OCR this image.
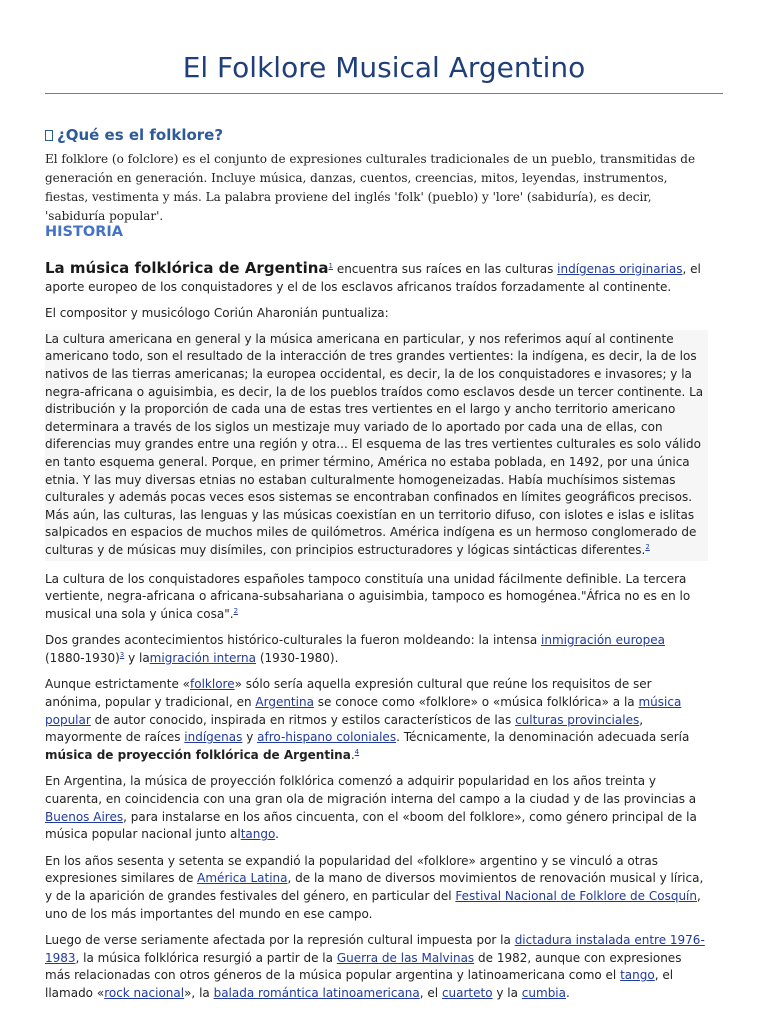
El Folklore Musical Argentino
¿Qué es el folklore?

El folklore (o folclore) es el conjunto de expresiones culturales tradicionales de un pueblo, transmitidas de generación en generación. Incluye música, danzas, cuentos, creencias, mitos, leyendas, instrumentos, fiestas, vestimenta y más. La palabra proviene del inglés 'folk' (pueblo) y 'lore' (sabiduría), es decir, 'sabiduría popular'.

HISTORIA

La música folklórica de Argentina$^1$ encuentra sus raíces en las culturas indígenas originarias, el aporte europeo de los conquistadores y el de los esclavos africanos traídos forzadamente al continente.

El compositor y musicólogo Coriún Aharonián puntualiza:

La cultura americana en general y la música americana en particular, y nos referimos aquí al continente americano todo, son el resultado de la interacción de tres grandes vertientes: la indígena, es decir, la de los nativos de las tierras americanas; la europea occidental, es decir, la de los conquistadores e invasores; y la negra-africana o aguisimbia, es decir, la de los pueblos traídos como esclavos desde un tercer continente. La distribución y la proporción de cada una de estas tres vertientes en el largo y ancho territorio americano determinara a través de los siglos un mestizaje muy variado de lo aportado por cada una de ellas, con diferencias muy grandes entre una región y otra... El esquema de las tres vertientes culturales es solo válido en tanto esquema general. Porque, en primer término, América no estaba poblada, en 1492, por una única etnia. Y las muy diversas etnias no estaban culturalmente homogeneizadas. Había muchísimos sistemas culturales y además pocas veces esos sistemas se encontraban confinados en límites geográficos precisos. Más aún, las culturas, las lenguas y las músicas coexistían en un territorio difuso, con islotes e islas e islitas salpicados en espacios de muchos miles de quilómetros. América indígena es un hermoso conglomerado de culturas y de músicas muy disímiles, con principios estructuradores y lógicas sintácticas diferentes.$^2$

La cultura de los conquistadores españoles tampoco constituía una unidad fácilmente definible. La tercera vertiente, negra-africana o africana-subsahariana o aguisimbia, tampoco es homogénea."África no es en lo musical una sola y única cosa".$^2$

Dos grandes acontecimientos histórico-culturales la fueron moldeando: la intensa inmigración europea (1880-1930)$^3$ y lamigración interna (1930-1980).

Aunque estrictamente «folklore» sólo sería aquella expresión cultural que reúne los requisitos de ser anónima, popular y tradicional, en Argentina se conoce como «folklore» o «música folklórica» a la música popular de autor conocido, inspirada en ritmos y estilos característicos de las culturas provinciales, mayormente de raíces indígenas y afro-hispano coloniales. Técnicamente, la denominación adecuada sería música de proyección folklórica de Argentina.$^4$

En Argentina, la música de proyección folklórica comenzó a adquirir popularidad en los años treinta y cuarenta, en coincidencia con una gran ola de migración interna del campo a la ciudad y de las provincias a Buenos Aires, para instalarse en los años cincuenta, con el «boom del folklore», como género principal de la música popular nacional junto altango.

En los años sesenta y setenta se expandió la popularidad del «folklore» argentino y se vinculó a otras expresiones similares de América Latina, de la mano de diversos movimientos de renovación musical y lírica, y de la aparición de grandes festivales del género, en particular del Festival Nacional de Folklore de Cosquín, uno de los más importantes del mundo en ese campo.

Luego de verse seriamente afectada por la represión cultural impuesta por la dictadura instalada entre 1976-1983, la música folklórica resurgió a partir de la Guerra de las Malvinas de 1982, aunque con expresiones más relacionadas con otros géneros de la música popular argentina y latinoamericana como el tango, el llamado «rock nacional», la balada romántica latinoamericana, el cuarteto y la cumbia.
